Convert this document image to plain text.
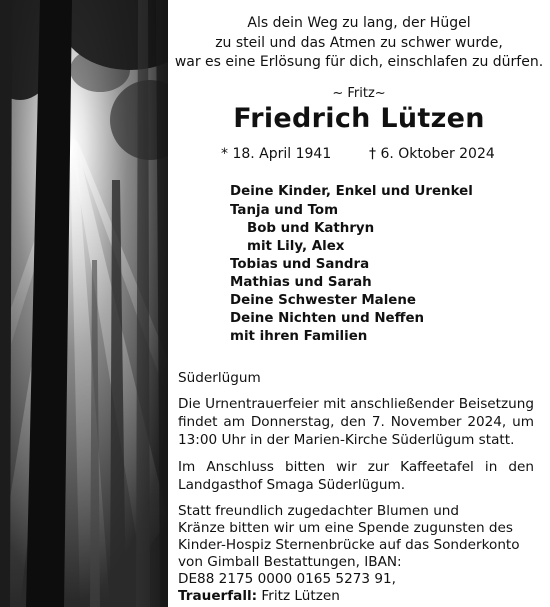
Als dein Weg zu lang, der Hügel

zu steil und das Atmen zu schwer wurde,

war es eine Erlösung für dich, einschlafen zu dürfen.

~ Fritz~

Friedrich Lützen

* 18. April 1941	† 6. Oktober 2024

Deine Kinder, Enkel und Urenkel

Tanja und Tom

Bob und Kathryn

mit Lily, Alex

Tobias und Sandra

Mathias und Sarah

Deine Schwester Malene

Deine Nichten und Neffen

mit ihren Familien

Süderlügum

Die Urnentrauerfeier mit anschließender Beisetzung

findet am Donnerstag, den 7. November 2024, um

13:00 Uhr in der Marien-Kirche Süderlügum statt.

Im Anschluss bitten wir zur Kaffeetafel in den

Landgasthof Smaga Süderlügum.

Statt freundlich zugedachter Blumen und

Kränze bitten wir um eine Spende zugunsten des

Kinder-Hospiz Sternenbrücke auf das Sonderkonto

von Gimball Bestattungen, IBAN:

DE88 2175 0000 0165 5273 91,

Trauerfall: Fritz Lützen
